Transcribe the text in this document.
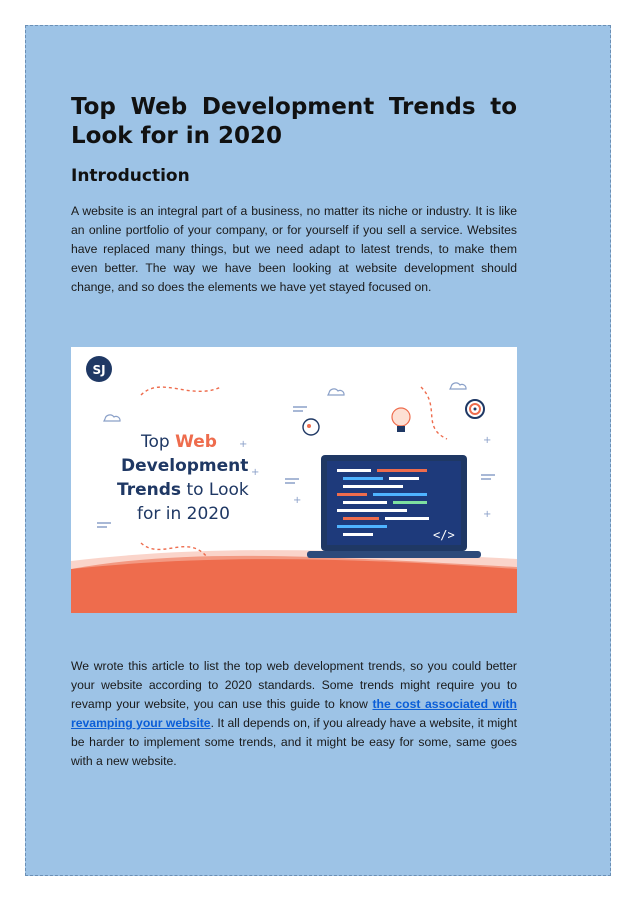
Top Web Development Trends to Look for in 2020
Introduction

A website is an integral part of a business, no matter its niche or industry. It is like an online portfolio of your company, or for yourself if you sell a service. Websites have replaced many things, but we need adapt to latest trends, to make them even better. The way we have been looking at website development should change, and so does the elements we have yet stayed focused on.

SJ
+
+
Top Web
Development
Trends to Look
for in 2020
+
+
+
</>

We wrote this article to list the top web development trends, so you could better your website according to 2020 standards. Some trends might require you to revamp your website, you can use this guide to know the cost associated with revamping your website. It all depends on, if you already have a website, it might be harder to implement some trends, and it might be easy for some, same goes with a new website.
